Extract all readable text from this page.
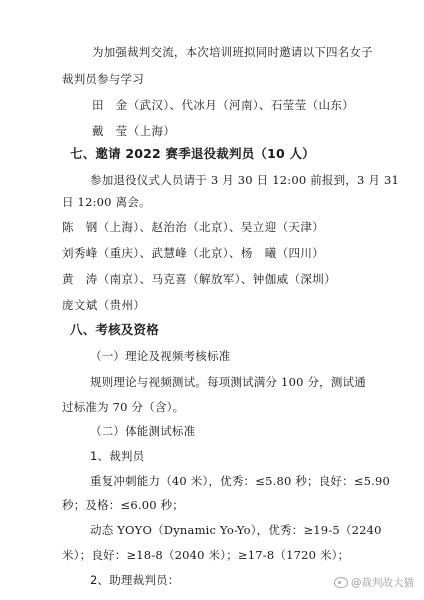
为加强裁判交流，本次培训班拟同时邀请以下四名女子
裁判员参与学习
田　金（武汉）、代冰月（河南）、石莹莹（山东）
戴　莹（上海）
七、邀请 2022 赛季退役裁判员（10 人）
参加退役仪式人员请于 3 月 30 日 12:00 前报到，3 月 31
日 12:00 离会。
陈　钢（上海）、赵治治（北京）、吴立迎（天津）
刘秀峰（重庆）、武慧峰（北京）、杨　曦（四川）
黄　涛（南京）、马克喜（解放军）、钟伽威（深圳）
庞文斌（贵州）
八、考核及资格
（一）理论及视频考核标准
规则理论与视频测试。每项测试满分 100 分，测试通
过标准为 70 分（含）。
（二）体能测试标准
1、裁判员
重复冲刺能力（40 米），优秀：≤5.80 秒；良好：≤5.90
秒；及格：≤6.00 秒；
动态 YOYO（Dynamic Yo-Yo），优秀：≥19-5（2240
米）；良好：≥18-8（2040 米）；≥17-8（1720 米）；
2、助理裁判员：	@裁判故大猫
